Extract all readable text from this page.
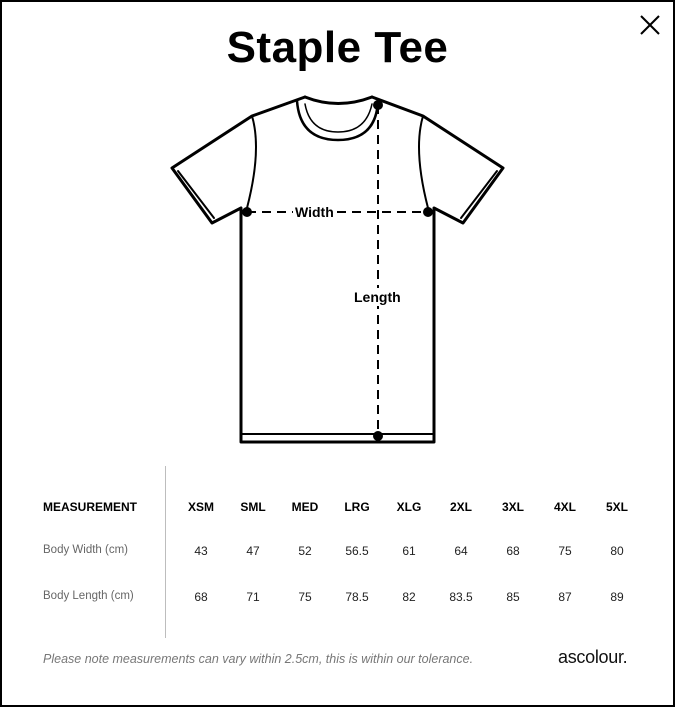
Staple Tee
Width
Length
MEASUREMENT	XSM	SML	MED	LRG	XLG	2XL	3XL	4XL	5XL
Body Width (cm)	43	47	52	56.5	61	64	68	75	80
Body Length (cm)	68	71	75	78.5	82	83.5	85	87	89
Please note measurements can vary within 2.5cm, this is within our tolerance.	ascolour.
